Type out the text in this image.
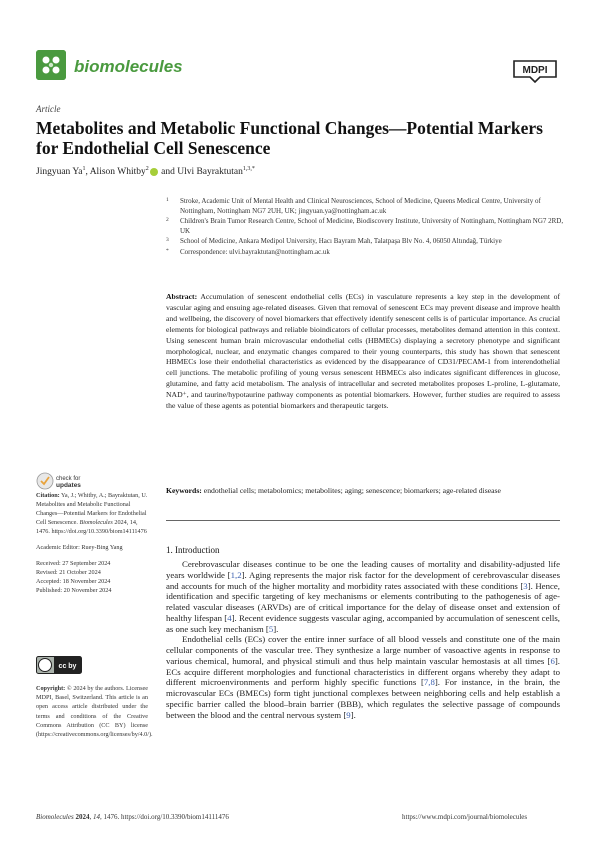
biomolecules	MDPI
Article
Metabolites and Metabolic Functional Changes—Potential Markers for Endothelial Cell Senescence
Jingyuan Ya$^1$, Alison Whitby$^2$ and Ulvi Bayraktutan$^{1,3,*}$
1 Stroke, Academic Unit of Mental Health and Clinical Neurosciences, School of Medicine, Queens Medical Centre, University of Nottingham, Nottingham NG7 2UH, UK; jingyuan.ya@nottingham.ac.uk
2 Children's Brain Tumor Research Centre, School of Medicine, Biodiscovery Institute, University of Nottingham, Nottingham NG7 2RD, UK
3 School of Medicine, Ankara Medipol University, Hacı Bayram Mah, Talatpaşa Blv No. 4, 06050 Altındağ, Türkiye
* Correspondence: ulvi.bayraktutan@nottingham.ac.uk
Abstract: Accumulation of senescent endothelial cells (ECs) in vasculature represents a key step in the development of vascular aging and ensuing age-related diseases. Given that removal of senescent ECs may prevent disease and improve health and wellbeing, the discovery of novel biomarkers that effectively identify senescent cells is of particular importance. As crucial elements for biological pathways and reliable bioindicators of cellular processes, metabolites demand attention in this context. Using senescent human brain microvascular endothelial cells (HBMECs) displaying a secretory phenotype and significant morphological, nuclear, and enzymatic changes compared to their young counterparts, this study has shown that senescent HBMECs lose their endothelial characteristics as evidenced by the disappearance of CD31/PECAM-1 from interendothelial cell junctions. The metabolic profiling of young versus senescent HBMECs also indicates significant differences in glucose, glutamine, and fatty acid metabolism. The analysis of intracellular and secreted metabolites proposes L-proline, L-glutamate, NAD⁺, and taurine/hypotaurine pathway components as potential biomarkers. However, further studies are required to assess the value of these agents as potential biomarkers and therapeutic targets.
Keywords: endothelial cells; metabolomics; metabolites; aging; senescence; biomarkers; age-related disease
check for
updates

Citation: Ya, J.; Whitby, A.; Bayraktutan, U. Metabolites and Metabolic Functional Changes—Potential Markers for Endothelial Cell Senescence. Biomolecules 2024, 14, 1476. https://doi.org/10.3390/biom14111476

Academic Editor: Ruey-Bing Yang

Received: 27 September 2024

Revised: 21 October 2024

Accepted: 18 November 2024

Published: 20 November 2024

cc by
Copyright: © 2024 by the authors. Licensee MDPI, Basel, Switzerland. This article is an open access article distributed under the terms and conditions of the Creative Commons Attribution (CC BY) license (https://creativecommons.org/licenses/by/4.0/).
1. Introduction

Cerebrovascular diseases continue to be one the leading causes of mortality and disability-adjusted life years worldwide [1,2]. Aging represents the major risk factor for the development of cerebrovascular diseases and accounts for much of the higher mortality and morbidity rates associated with these conditions [3]. Hence, identification and specific targeting of key mechanisms or elements contributing to the pathogenesis of age-related vascular diseases (ARVDs) are of critical importance for the delay of disease onset and extension of healthy lifespan [4]. Recent evidence suggests vascular aging, accompanied by accumulation of senescent cells, as one such key mechanism [5].

Endothelial cells (ECs) cover the entire inner surface of all blood vessels and constitute one of the main cellular components of the vascular tree. They synthesize a large number of vasoactive agents in response to various chemical, humoral, and physical stimuli and thus help maintain vascular hemostasis at all times [6]. ECs acquire different morphologies and functional characteristics in different organs whereby they adapt to different microenvironments and perform highly specific functions [7,8]. For instance, in the brain, the microvascular ECs (BMECs) form tight junctional complexes between neighboring cells and help establish a specific barrier called the blood–brain barrier (BBB), which regulates the selective passage of compounds between the blood and the central nervous system [9].

Biomolecules 2024, 14, 1476. https://doi.org/10.3390/biom14111476	https://www.mdpi.com/journal/biomolecules
